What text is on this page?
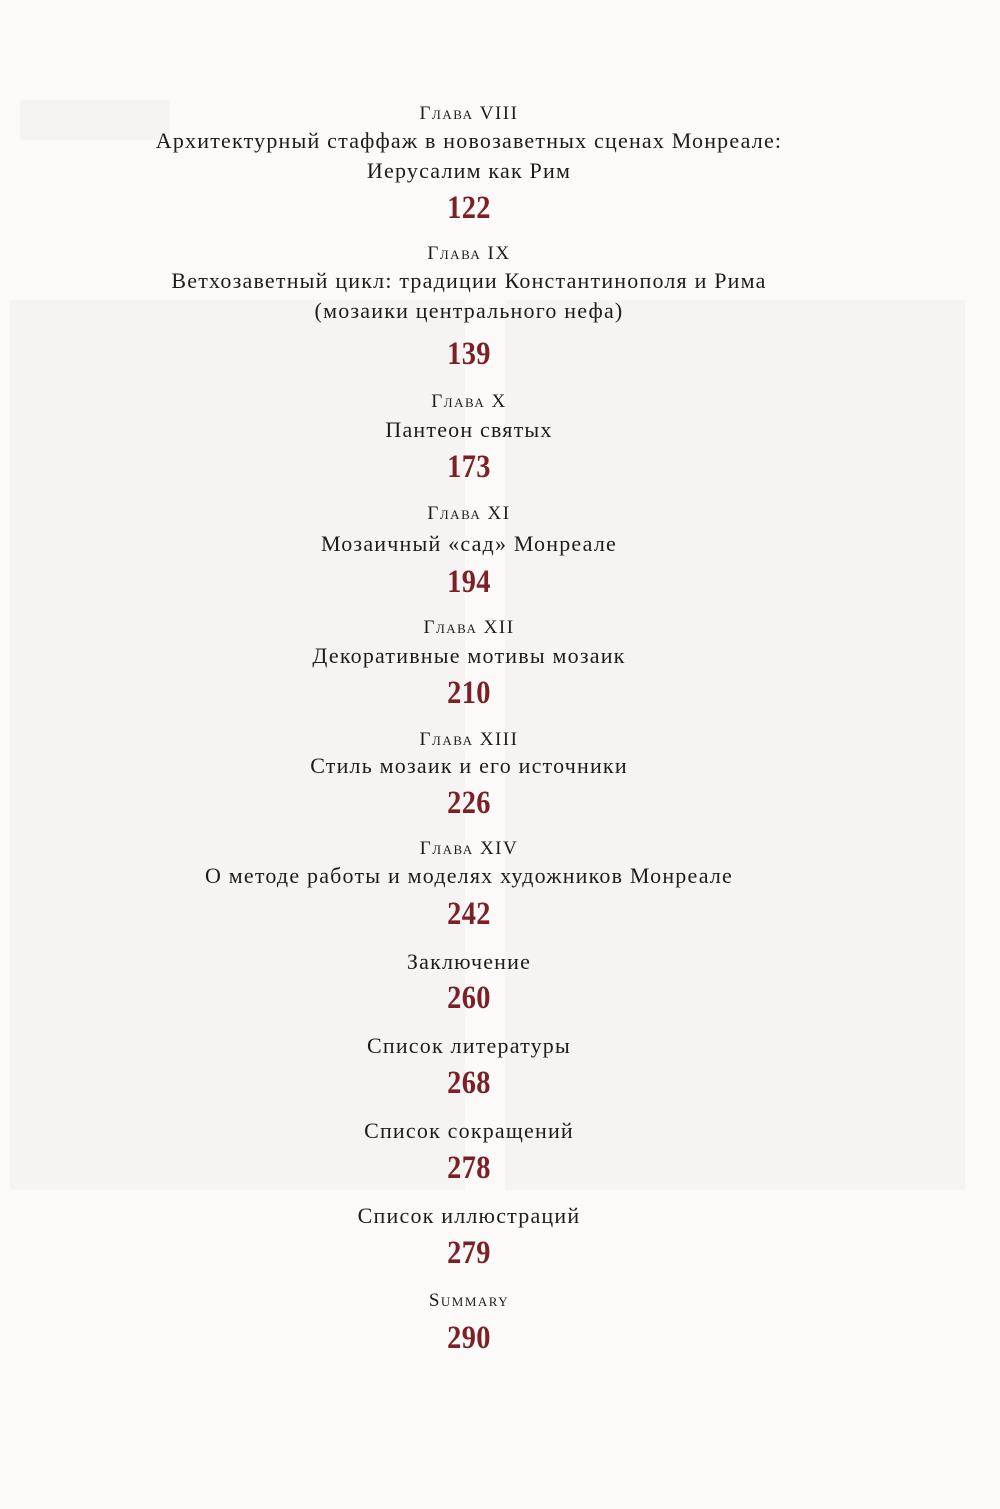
Глава VIII
Архитектурный стаффаж в новозаветных сценах Монреале:
Иерусалим как Рим
122
Глава IX
Ветхозаветный цикл: традиции Константинополя и Рима
(мозаики центрального нефа)
139
Глава X
Пантеон святых
173
Глава XI
Мозаичный «сад» Монреале
194
Глава XII
Декоративные мотивы мозаик
210
Глава XIII
Стиль мозаик и его источники
226
Глава XIV
О методе работы и моделях художников Монреале
242
Заключение
260
Список литературы
268
Список сокращений
278
Список иллюстраций
279
Summary
290
